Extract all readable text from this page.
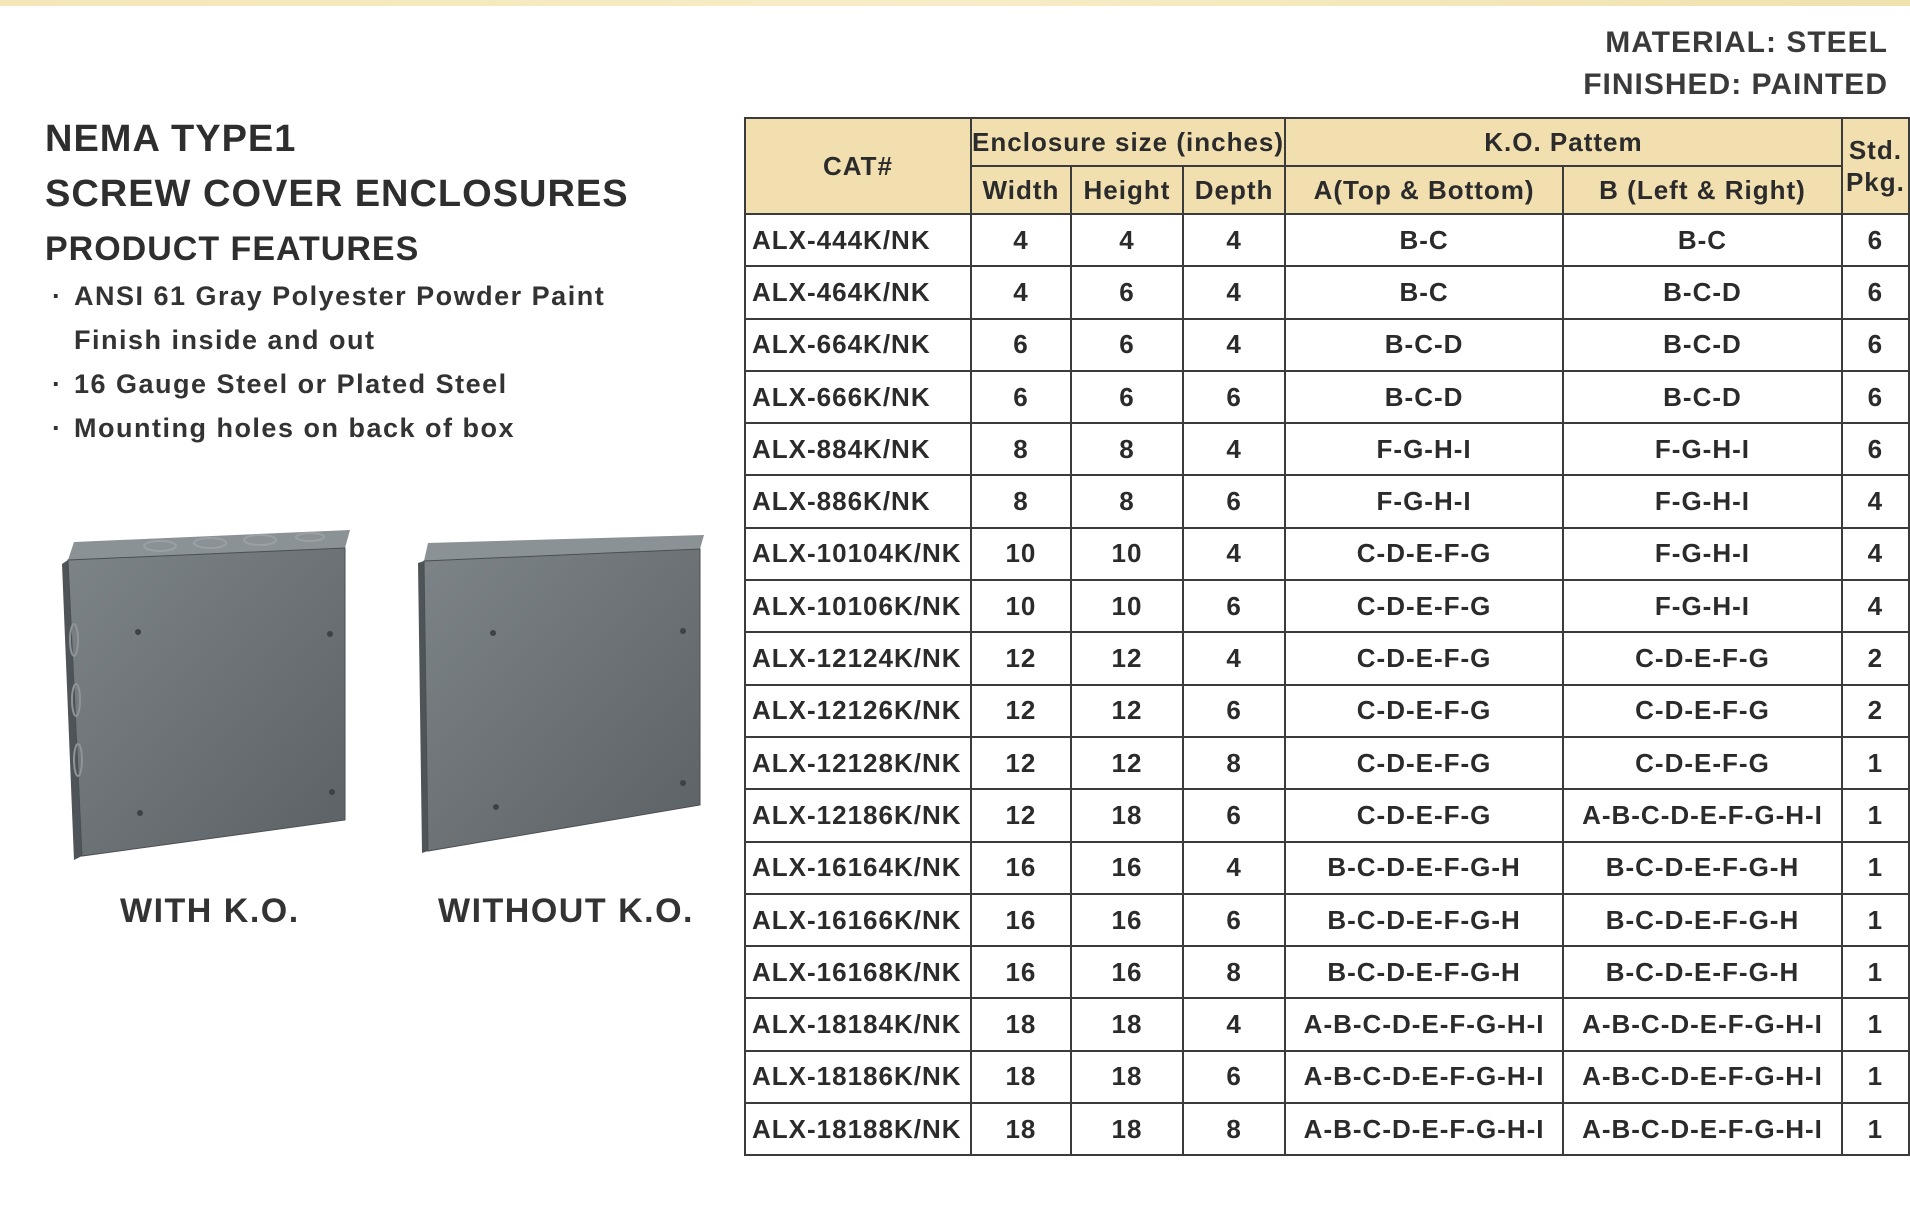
MATERIAL: STEEL
FINISHED: PAINTED
NEMA TYPE1
SCREW COVER ENCLOSURES
PRODUCT FEATURES
· ANSI 61 Gray Polyester Powder Paint Finish inside and out
· 16 Gauge Steel or Plated Steel
· Mounting holes on back of box
WITH K.O.	WITHOUT K.O.
CAT#	Enclosure size (inches)			K.O. Pattem		Std.
Pkg.

	Width	Height	Depth	A(Top & Bottom)	B (Left & Right)	
ALX-444K/NK	4	4	4	B-C	B-C	6
ALX-464K/NK	4	6	4	B-C	B-C-D	6
ALX-664K/NK	6	6	4	B-C-D	B-C-D	6
ALX-666K/NK	6	6	6	B-C-D	B-C-D	6
ALX-884K/NK	8	8	4	F-G-H-I	F-G-H-I	6
ALX-886K/NK	8	8	6	F-G-H-I	F-G-H-I	4
ALX-10104K/NK	10	10	4	C-D-E-F-G	F-G-H-I	4
ALX-10106K/NK	10	10	6	C-D-E-F-G	F-G-H-I	4
ALX-12124K/NK	12	12	4	C-D-E-F-G	C-D-E-F-G	2
ALX-12126K/NK	12	12	6	C-D-E-F-G	C-D-E-F-G	2
ALX-12128K/NK	12	12	8	C-D-E-F-G	C-D-E-F-G	1
ALX-12186K/NK	12	18	6	C-D-E-F-G	A-B-C-D-E-F-G-H-I	1
ALX-16164K/NK	16	16	4	B-C-D-E-F-G-H	B-C-D-E-F-G-H	1
ALX-16166K/NK	16	16	6	B-C-D-E-F-G-H	B-C-D-E-F-G-H	1
ALX-16168K/NK	16	16	8	B-C-D-E-F-G-H	B-C-D-E-F-G-H	1
ALX-18184K/NK	18	18	4	A-B-C-D-E-F-G-H-I	A-B-C-D-E-F-G-H-I	1
ALX-18186K/NK	18	18	6	A-B-C-D-E-F-G-H-I	A-B-C-D-E-F-G-H-I	1
ALX-18188K/NK	18	18	8	A-B-C-D-E-F-G-H-I	A-B-C-D-E-F-G-H-I	1
